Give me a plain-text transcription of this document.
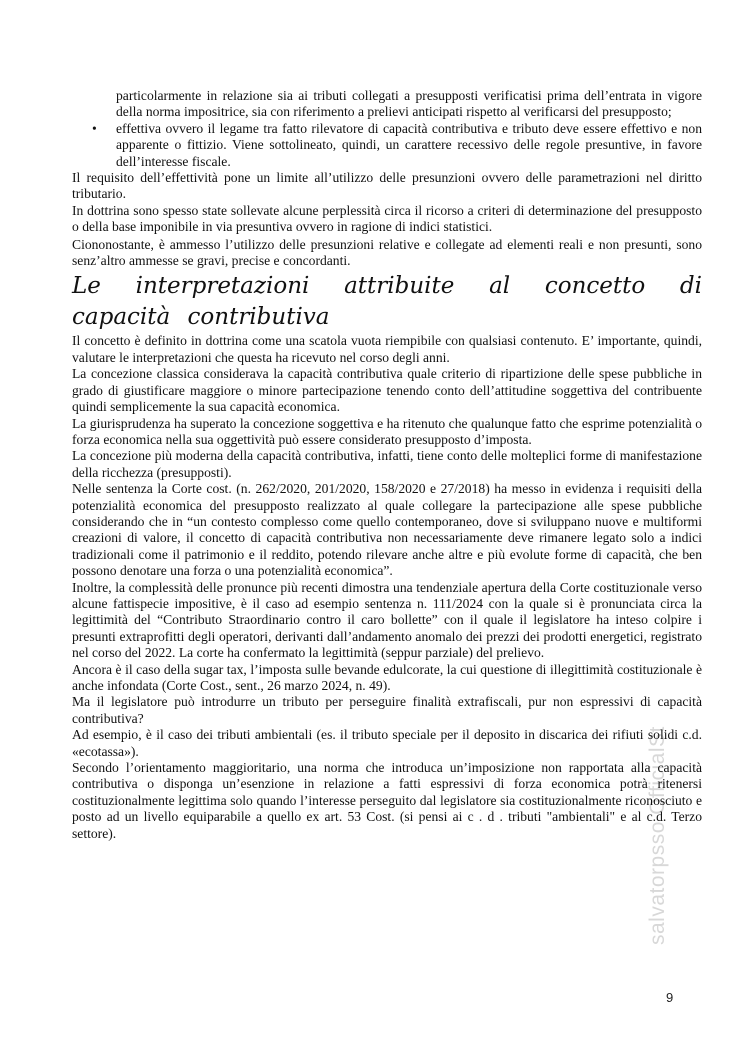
salvatorpsso OfficialSt

particolarmente in relazione sia ai tributi collegati a presupposti verificatisi prima dell’entrata in vigore della norma impositrice, sia con riferimento a prelievi anticipati rispetto al verificarsi del presupposto;

• effettiva ovvero il legame tra fatto rilevatore di capacità contributiva e tributo deve essere effettivo e non apparente o fittizio. Viene sottolineato, quindi, un carattere recessivo delle regole presuntive, in favore dell’interesse fiscale.

Il requisito dell’effettività pone un limite all’utilizzo delle presunzioni ovvero delle parametrazioni nel diritto tributario.

In dottrina sono spesso state sollevate alcune perplessità circa il ricorso a criteri di determinazione del presupposto o della base imponibile in via presuntiva ovvero in ragione di indici statistici.

Ciononostante, è ammesso l’utilizzo delle presunzioni relative e collegate ad elementi reali e non presunti, sono senz’altro ammesse se gravi, precise e concordanti.

Le interpretazioni attribuite al concetto di capacità contributiva

Il concetto è definito in dottrina come una scatola vuota riempibile con qualsiasi contenuto. E’ importante, quindi, valutare le interpretazioni che questa ha ricevuto nel corso degli anni.

La concezione classica considerava la capacità contributiva quale criterio di ripartizione delle spese pubbliche in grado di giustificare maggiore o minore partecipazione tenendo conto dell’attitudine soggettiva del contribuente quindi semplicemente la sua capacità economica.

La giurisprudenza ha superato la concezione soggettiva e ha ritenuto che qualunque fatto che esprime potenzialità o forza economica nella sua oggettività può essere considerato presupposto d’imposta.

La concezione più moderna della capacità contributiva, infatti, tiene conto delle molteplici forme di manifestazione della ricchezza (presupposti).

Nelle sentenza la Corte cost. (n. 262/2020, 201/2020, 158/2020 e 27/2018) ha messo in evidenza i requisiti della potenzialità economica del presupposto realizzato al quale collegare la partecipazione alle spese pubbliche considerando che in “un contesto complesso come quello contemporaneo, dove si sviluppano nuove e multiformi creazioni di valore, il concetto di capacità contributiva non necessariamente deve rimanere legato solo a indici tradizionali come il patrimonio e il reddito, potendo rilevare anche altre e più evolute forme di capacità, che ben possono denotare una forza o una potenzialità economica”.

Inoltre, la complessità delle pronunce più recenti dimostra una tendenziale apertura della Corte costituzionale verso alcune fattispecie impositive, è il caso ad esempio sentenza n. 111/2024 con la quale si è pronunciata circa la legittimità del “Contributo Straordinario contro il caro bollette” con il quale il legislatore ha inteso colpire i presunti extraprofitti degli operatori, derivanti dall’andamento anomalo dei prezzi dei prodotti energetici, registrato nel corso del 2022. La corte ha confermato la legittimità (seppur parziale) del prelievo.

Ancora è il caso della sugar tax, l’imposta sulle bevande edulcorate, la cui questione di illegittimità costituzionale è anche infondata (Corte Cost., sent., 26 marzo 2024, n. 49).

Ma il legislatore può introdurre un tributo per perseguire finalità extrafiscali, pur non espressivi di capacità contributiva?

Ad esempio, è il caso dei tributi ambientali (es. il tributo speciale per il deposito in discarica dei rifiuti solidi c.d. «ecotassa»).

Secondo l’orientamento maggioritario, una norma che introduca un’imposizione non rapportata alla capacità contributiva o disponga un’esenzione in relazione a fatti espressivi di forza economica potrà ritenersi costituzionalmente legittima solo quando l’interesse perseguito dal legislatore sia costituzionalmente riconosciuto e posto ad un livello equiparabile a quello ex art. 53 Cost. (si pensi ai c . d . tributi "ambientali" e al c.d. Terzo settore).

9
